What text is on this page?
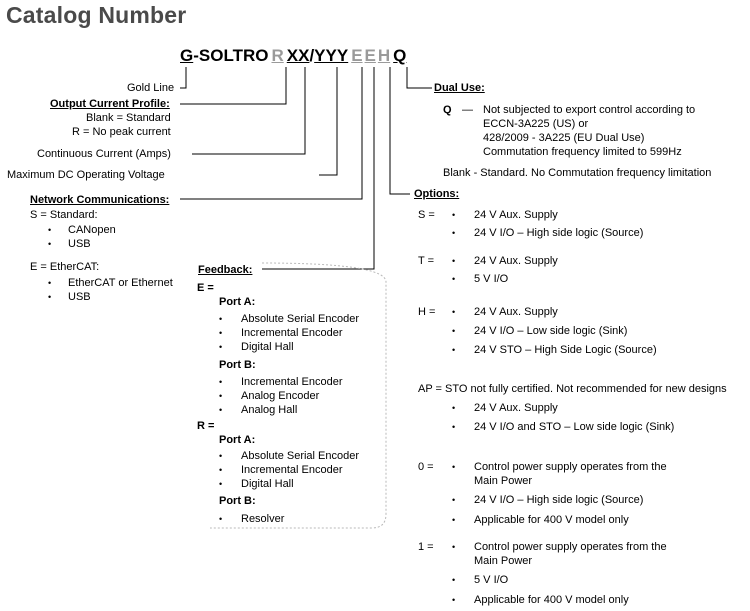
Catalog Number
G-SOLTRO R XX/YYY E E H Q
Gold Line
Output Current Profile:
Blank = Standard
R = No peak current
Continuous Current (Amps)
Maximum DC Operating Voltage
Network Communications:
S = Standard:
• CANopen
• USB
E = EtherCAT:
• EtherCAT or Ethernet
• USB
Feedback:
E =
Port A:
• Absolute Serial Encoder
• Incremental Encoder
• Digital Hall
Port B:
• Incremental Encoder
• Analog Encoder
• Analog Hall
R =
Port A:
• Absolute Serial Encoder
• Incremental Encoder
• Digital Hall
Port B:
• Resolver
Dual Use:
Q — Not subjected to export control according to
ECCN-3A225 (US) or
428/2009 - 3A225 (EU Dual Use)
Commutation frequency limited to 599Hz
Blank - Standard. No Commutation frequency limitation
Options:
S = • 24 V Aux. Supply
• 24 V I/O – High side logic (Source)
T = • 24 V Aux. Supply
• 5 V I/O
H = • 24 V Aux. Supply
• 24 V I/O – Low side logic (Sink)
• 24 V STO – High Side Logic (Source)
AP = STO not fully certified. Not recommended for new designs
• 24 V Aux. Supply
• 24 V I/O and STO – Low side logic (Sink)
0 = • Control power supply operates from the
Main Power
• 24 V I/O – High side logic (Source)
• Applicable for 400 V model only
1 = • Control power supply operates from the
Main Power
• 5 V I/O
• Applicable for 400 V model only
